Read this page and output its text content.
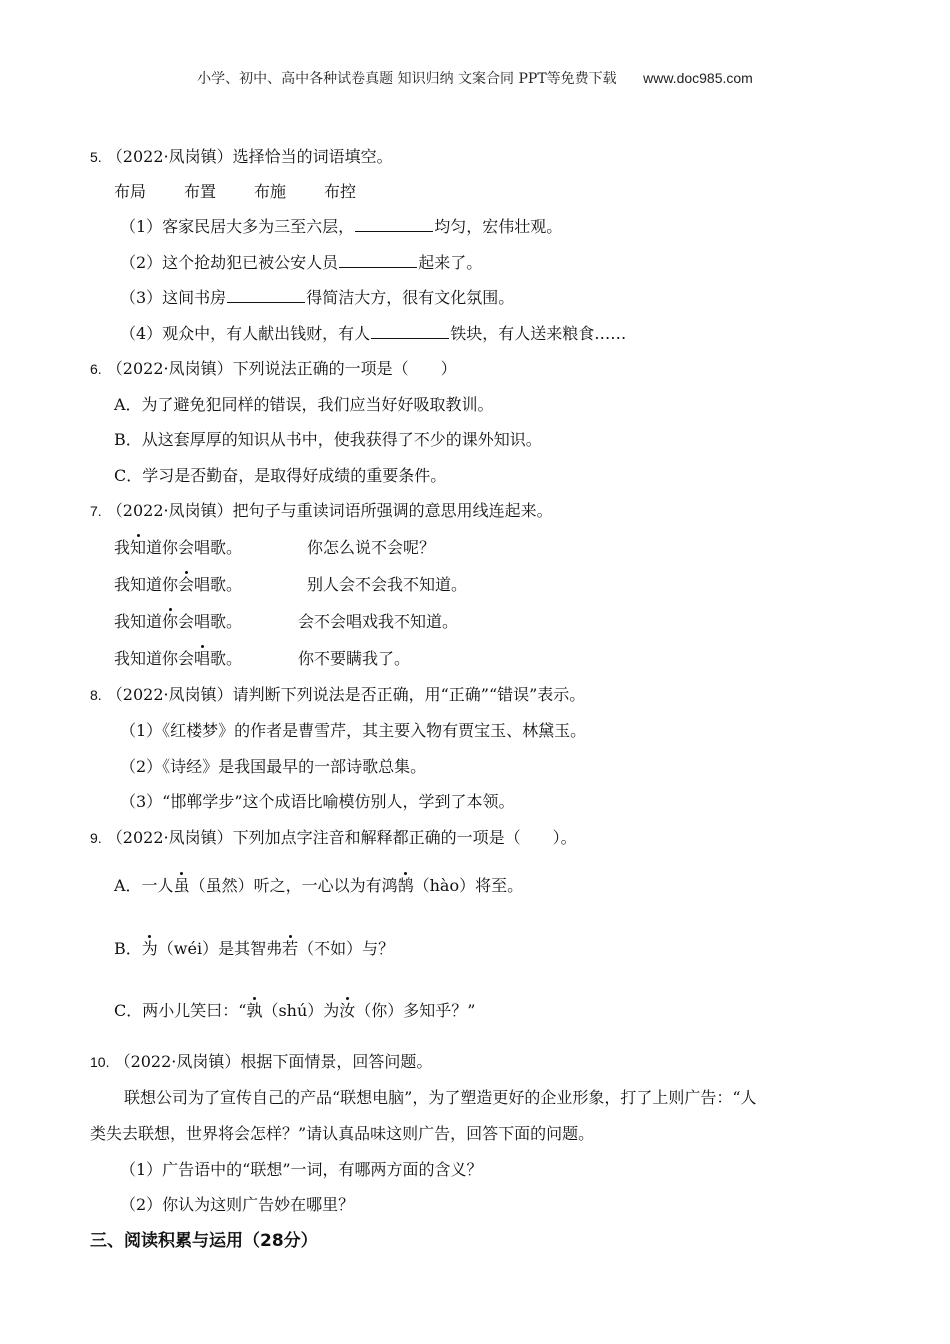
小学、初中、高中各种试卷真题 知识归纳 文案合同 PPT等免费下载 www.doc985.com
5. （2022·凤岗镇）选择恰当的词语填空。
布局 布置 布施 布控
（1）客家民居大多为三至六层，	均匀，宏伟壮观。
（2）这个抢劫犯已被公安人员	起来了。
（3）这间书房	得简洁大方，很有文化氛围。
（4）观众中，有人献出钱财，有人	铁块，有人送来粮食……
6. （2022·凤岗镇）下列说法正确的一项是（　　）
A．为了避免犯同样的错误，我们应当好好吸取教训。
B．从这套厚厚的知识从书中，使我获得了不少的课外知识。
C．学习是否勤奋，是取得好成绩的重要条件。
7. （2022·凤岗镇）把句子与重读词语所强调的意思用线连起来。
我知道你会唱歌。	你怎么说不会呢？
我知道你会唱歌。	别人会不会我不知道。
我知道你会唱歌。	会不会唱戏我不知道。
我知道你会唱歌。	你不要瞒我了。
8. （2022·凤岗镇）请判断下列说法是否正确，用“正确”“错误”表示。
（1）《红楼梦》的作者是曹雪芹，其主要入物有贾宝玉、林黛玉。
（2）《诗经》是我国最早的一部诗歌总集。
（3）“邯郸学步”这个成语比喻模仿别人，学到了本领。
9. （2022·凤岗镇）下列加点字注音和解释都正确的一项是（　　）。
A．一人虽（虽然）听之，一心以为有鸿鹄（hào）将至。
B．为（wéi）是其智弗若（不如）与？
C．两小儿笑曰：“孰（shú）为汝（你）多知乎？”
10. （2022·凤岗镇）根据下面情景，回答问题。
联想公司为了宣传自己的产品“联想电脑”，为了塑造更好的企业形象，打了上则广告：“人
类失去联想，世界将会怎样？”请认真品味这则广告，回答下面的问题。
（1）广告语中的“联想”一词，有哪两方面的含义？
（2）你认为这则广告妙在哪里？
三、阅读积累与运用（28分）
